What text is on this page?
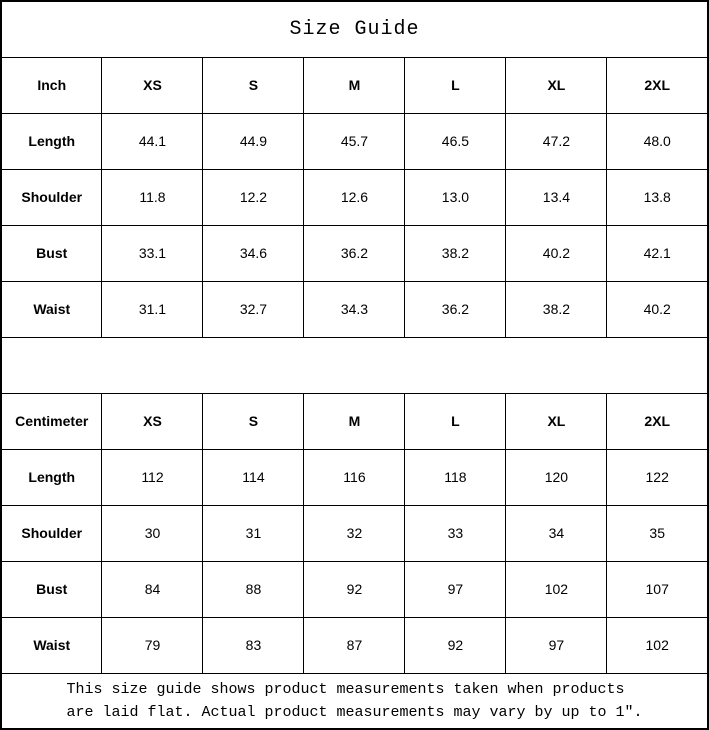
Size Guide						
Inch	XS	S	M	L	XL	2XL
Length	44.1	44.9	45.7	46.5	47.2	48.0
Shoulder	11.8	12.2	12.6	13.0	13.4	13.8
Bust	33.1	34.6	36.2	38.2	40.2	42.1
Waist	31.1	32.7	34.3	36.2	38.2	40.2

Centimeter	XS	S	M	L	XL	2XL
Length	112	114	116	118	120	122
Shoulder	30	31	32	33	34	35
Bust	84	88	92	97	102	107
Waist	79	83	87	92	97	102
This size guide shows product measurements taken when products
are laid flat. Actual product measurements may vary by up to 1″.						
